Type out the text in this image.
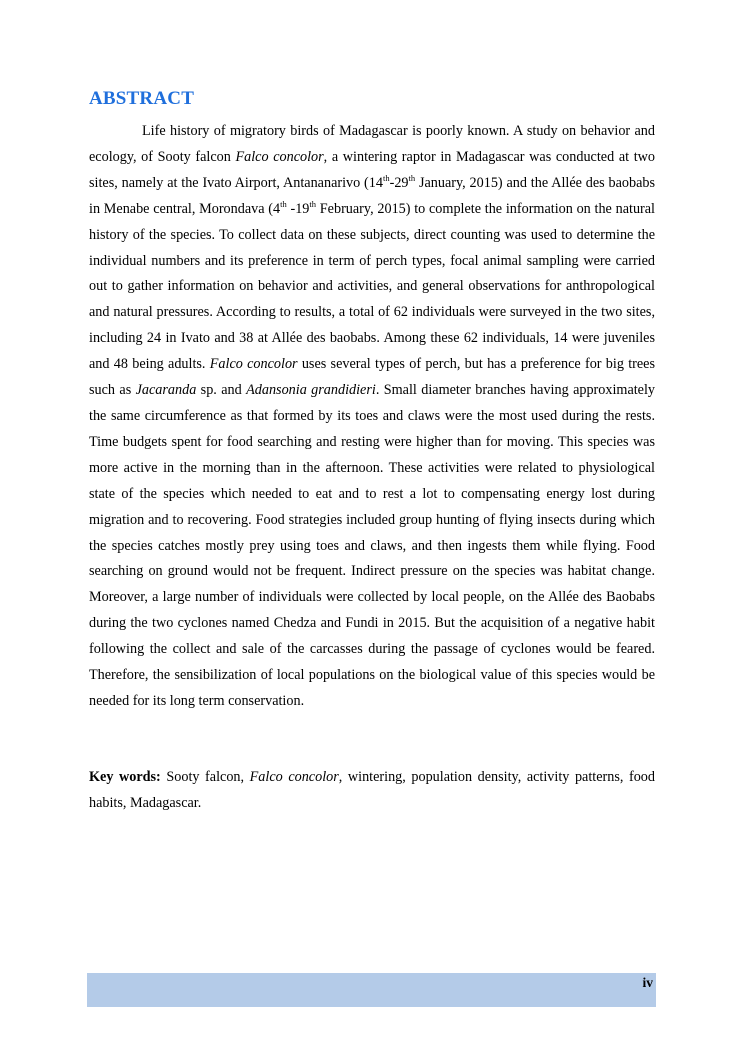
ABSTRACT

Life history of migratory birds of Madagascar is poorly known. A study on behavior and ecology, of Sooty falcon Falco concolor, a wintering raptor in Madagascar was conducted at two sites, namely at the Ivato Airport, Antananarivo (14th-29th January, 2015) and the Allée des baobabs in Menabe central, Morondava (4th -19th February, 2015) to complete the information on the natural history of the species. To collect data on these subjects, direct counting was used to determine the individual numbers and its preference in term of perch types, focal animal sampling were carried out to gather information on behavior and activities, and general observations for anthropological and natural pressures. According to results, a total of 62 individuals were surveyed in the two sites, including 24 in Ivato and 38 at Allée des baobabs. Among these 62 individuals, 14 were juveniles and 48 being adults. Falco concolor uses several types of perch, but has a preference for big trees such as Jacaranda sp. and Adansonia grandidieri. Small diameter branches having approximately the same circumference as that formed by its toes and claws were the most used during the rests. Time budgets spent for food searching and resting were higher than for moving. This species was more active in the morning than in the afternoon. These activities were related to physiological state of the species which needed to eat and to rest a lot to compensating energy lost during migration and to recovering. Food strategies included group hunting of flying insects during which the species catches mostly prey using toes and claws, and then ingests them while flying. Food searching on ground would not be frequent. Indirect pressure on the species was habitat change. Moreover, a large number of individuals were collected by local people, on the Allée des Baobabs during the two cyclones named Chedza and Fundi in 2015. But the acquisition of a negative habit following the collect and sale of the carcasses during the passage of cyclones would be feared. Therefore, the sensibilization of local populations on the biological value of this species would be needed for its long term conservation.

Key words: Sooty falcon, Falco concolor, wintering, population density, activity patterns, food habits, Madagascar.
iv
